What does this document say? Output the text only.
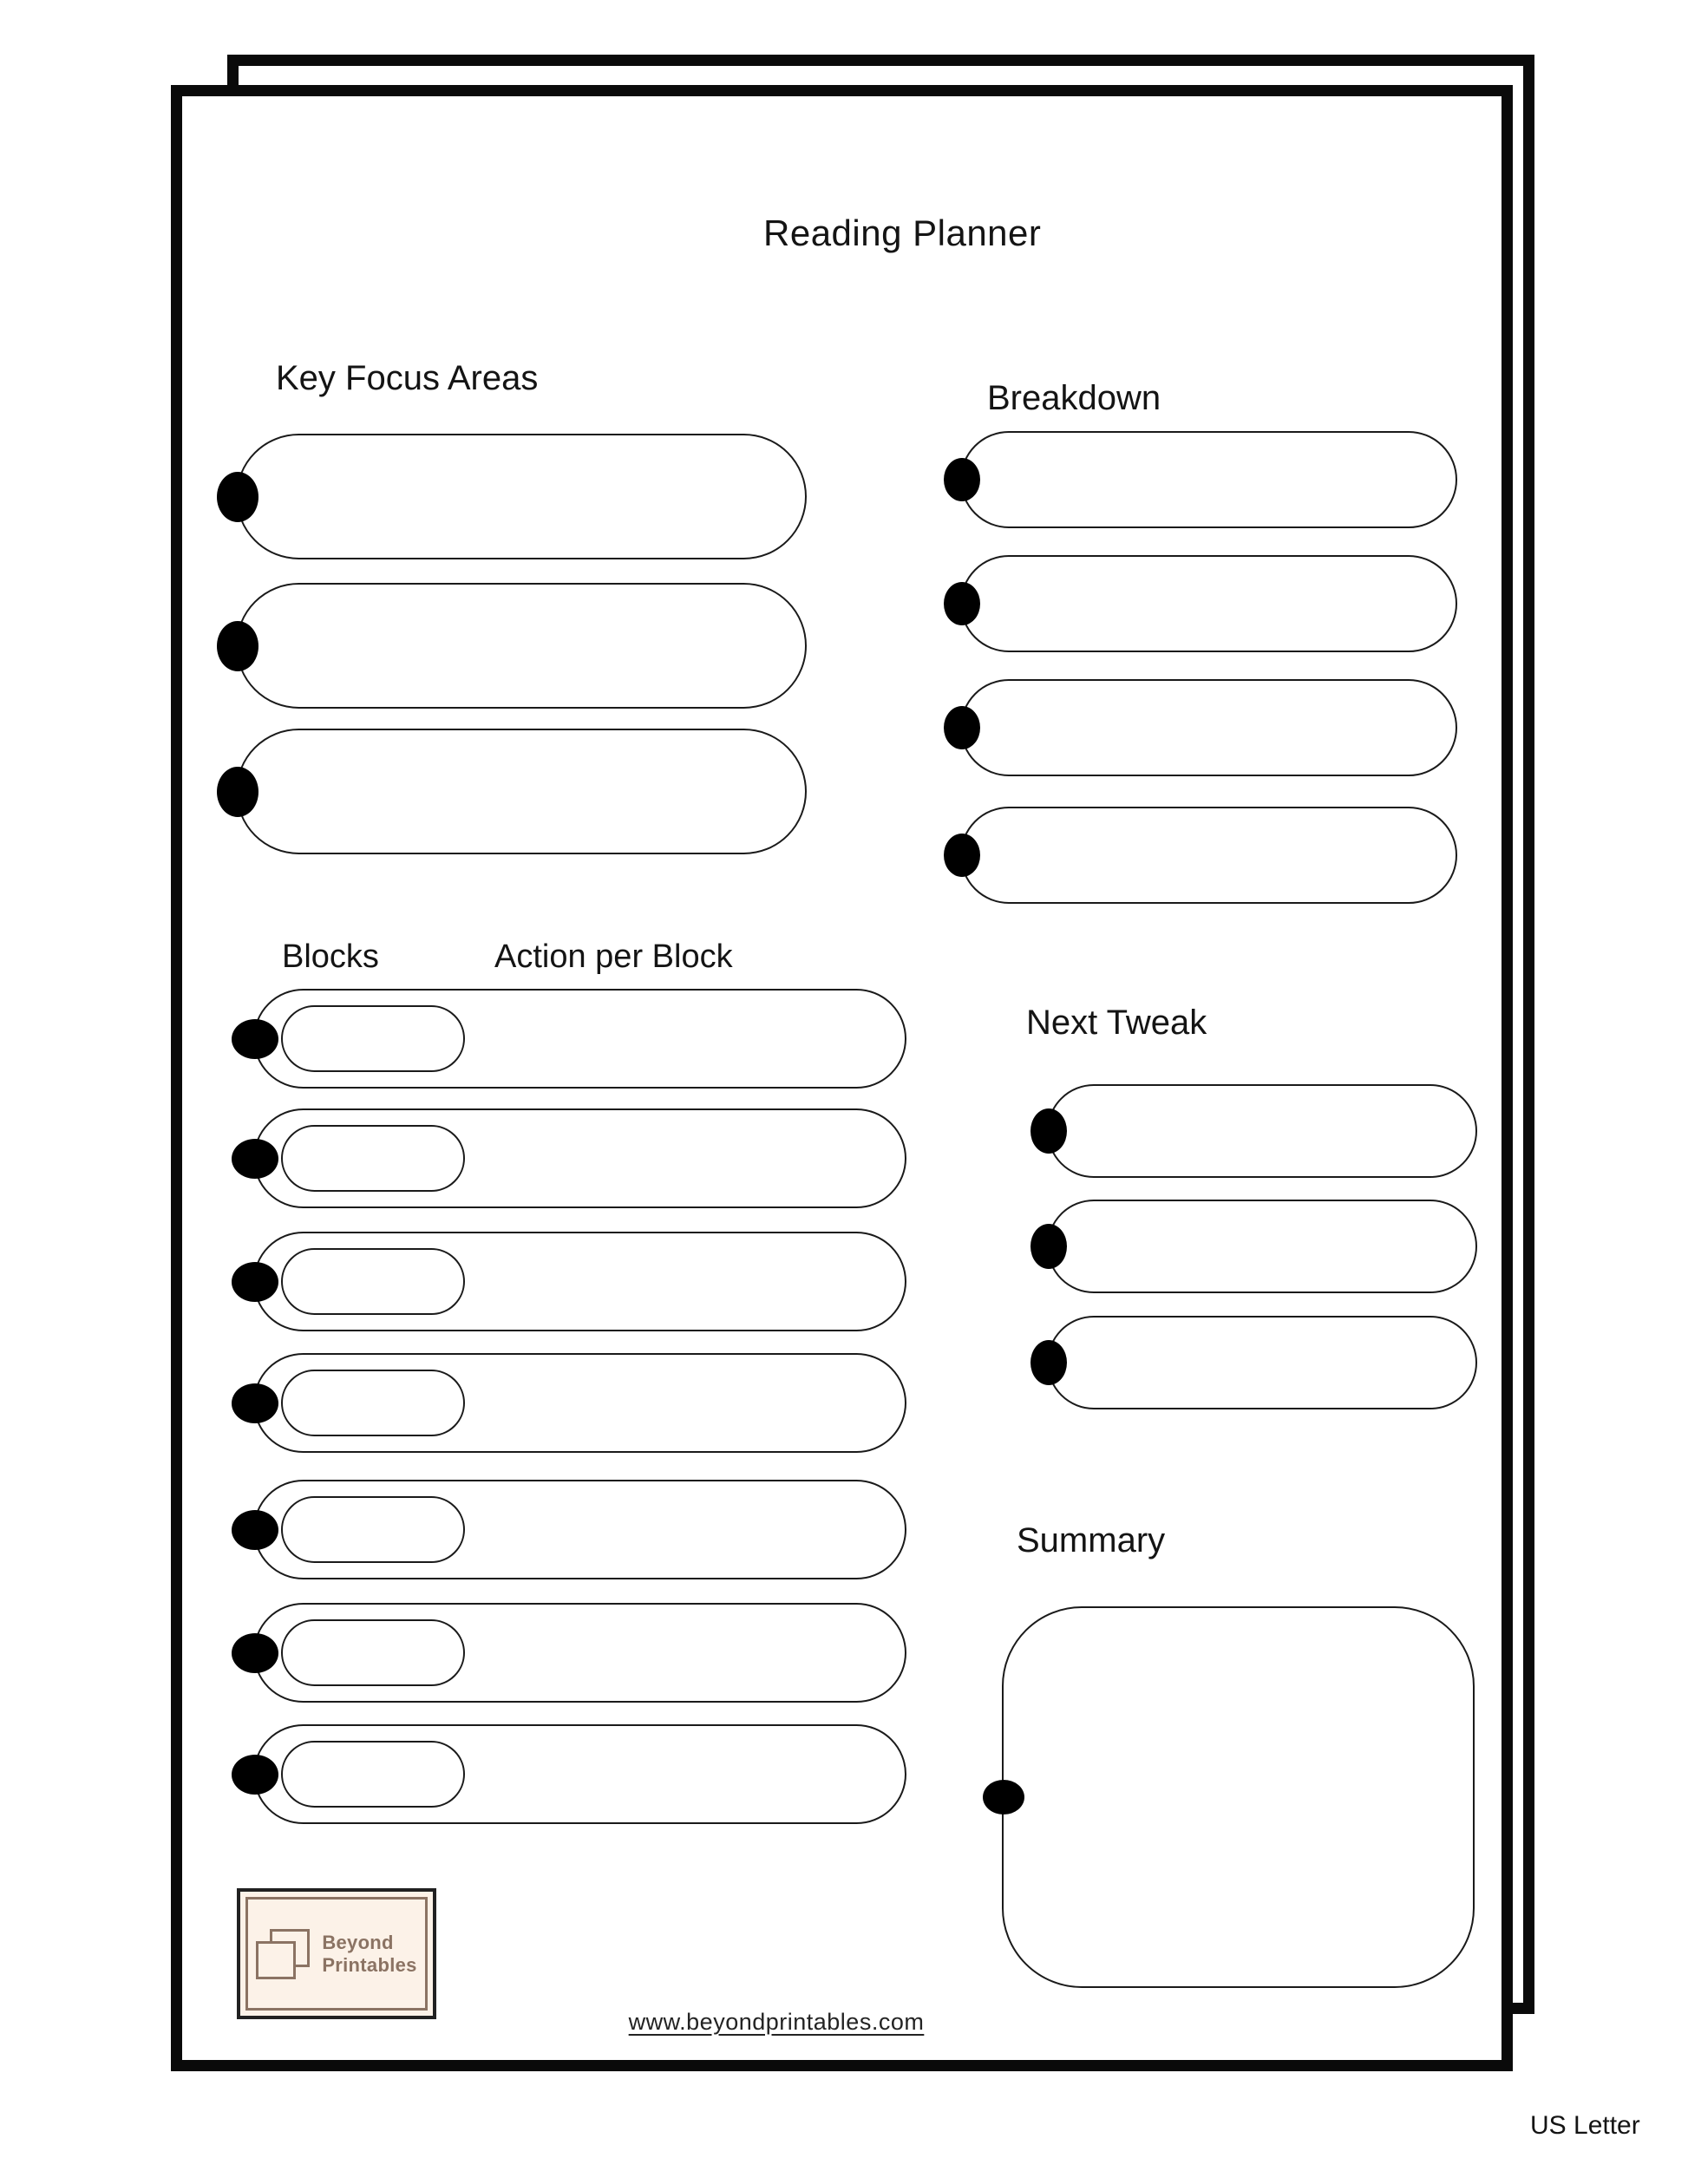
Reading Planner
Key Focus Areas
Breakdown
Blocks	Action per Block
Next Tweak
Summary
Beyond
Printables
www.beyondprintables.com
US Letter
